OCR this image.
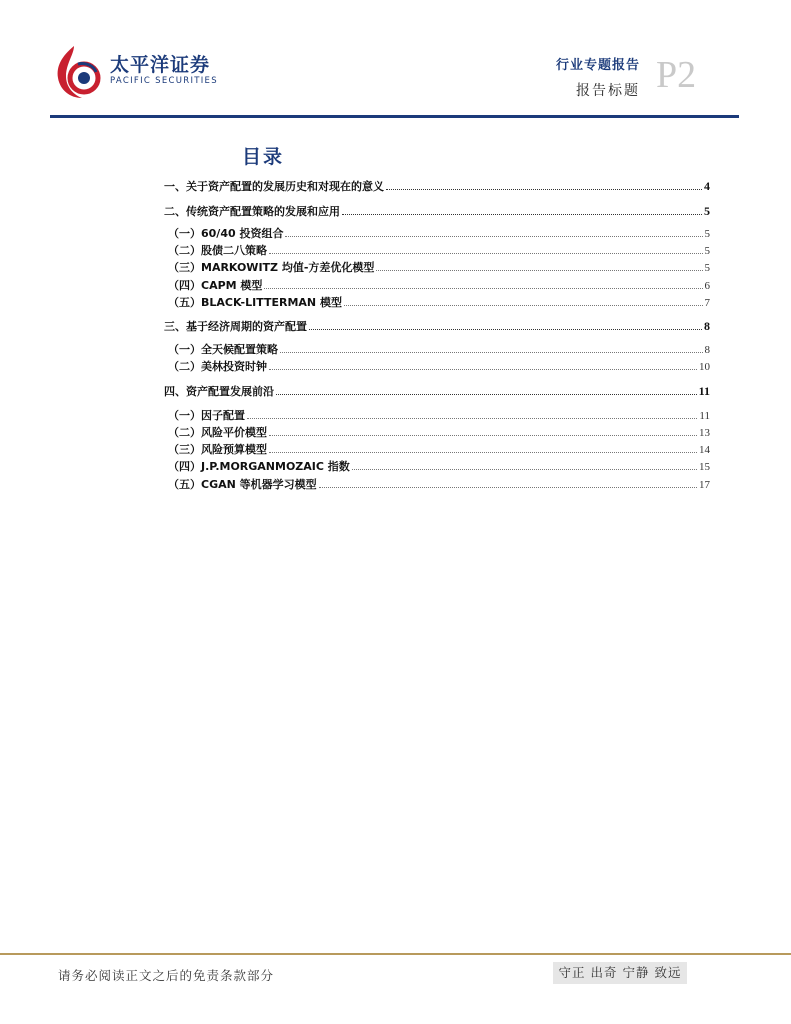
太平洋证券
PACIFIC SECURITIES
行业专题报告
报告标题 P2
目录
一、关于资产配置的发展历史和对现在的意义	4
二、传统资产配置策略的发展和应用	5
（一）60/40 投资组合	5
（二）股债二八策略	5
（三）MARKOWITZ 均值-方差优化模型	5
（四）CAPM 模型	6
（五）BLACK-LITTERMAN 模型	7
三、基于经济周期的资产配置	8
（一）全天候配置策略	8
（二）美林投资时钟	10
四、资产配置发展前沿	11
（一）因子配置	11
（二）风险平价模型	13
（三）风险预算模型	14
（四）J.P.MORGANMOZAIC 指数	15
（五）CGAN 等机器学习模型	17
请务必阅读正文之后的免责条款部分	守正 出奇 宁静 致远
